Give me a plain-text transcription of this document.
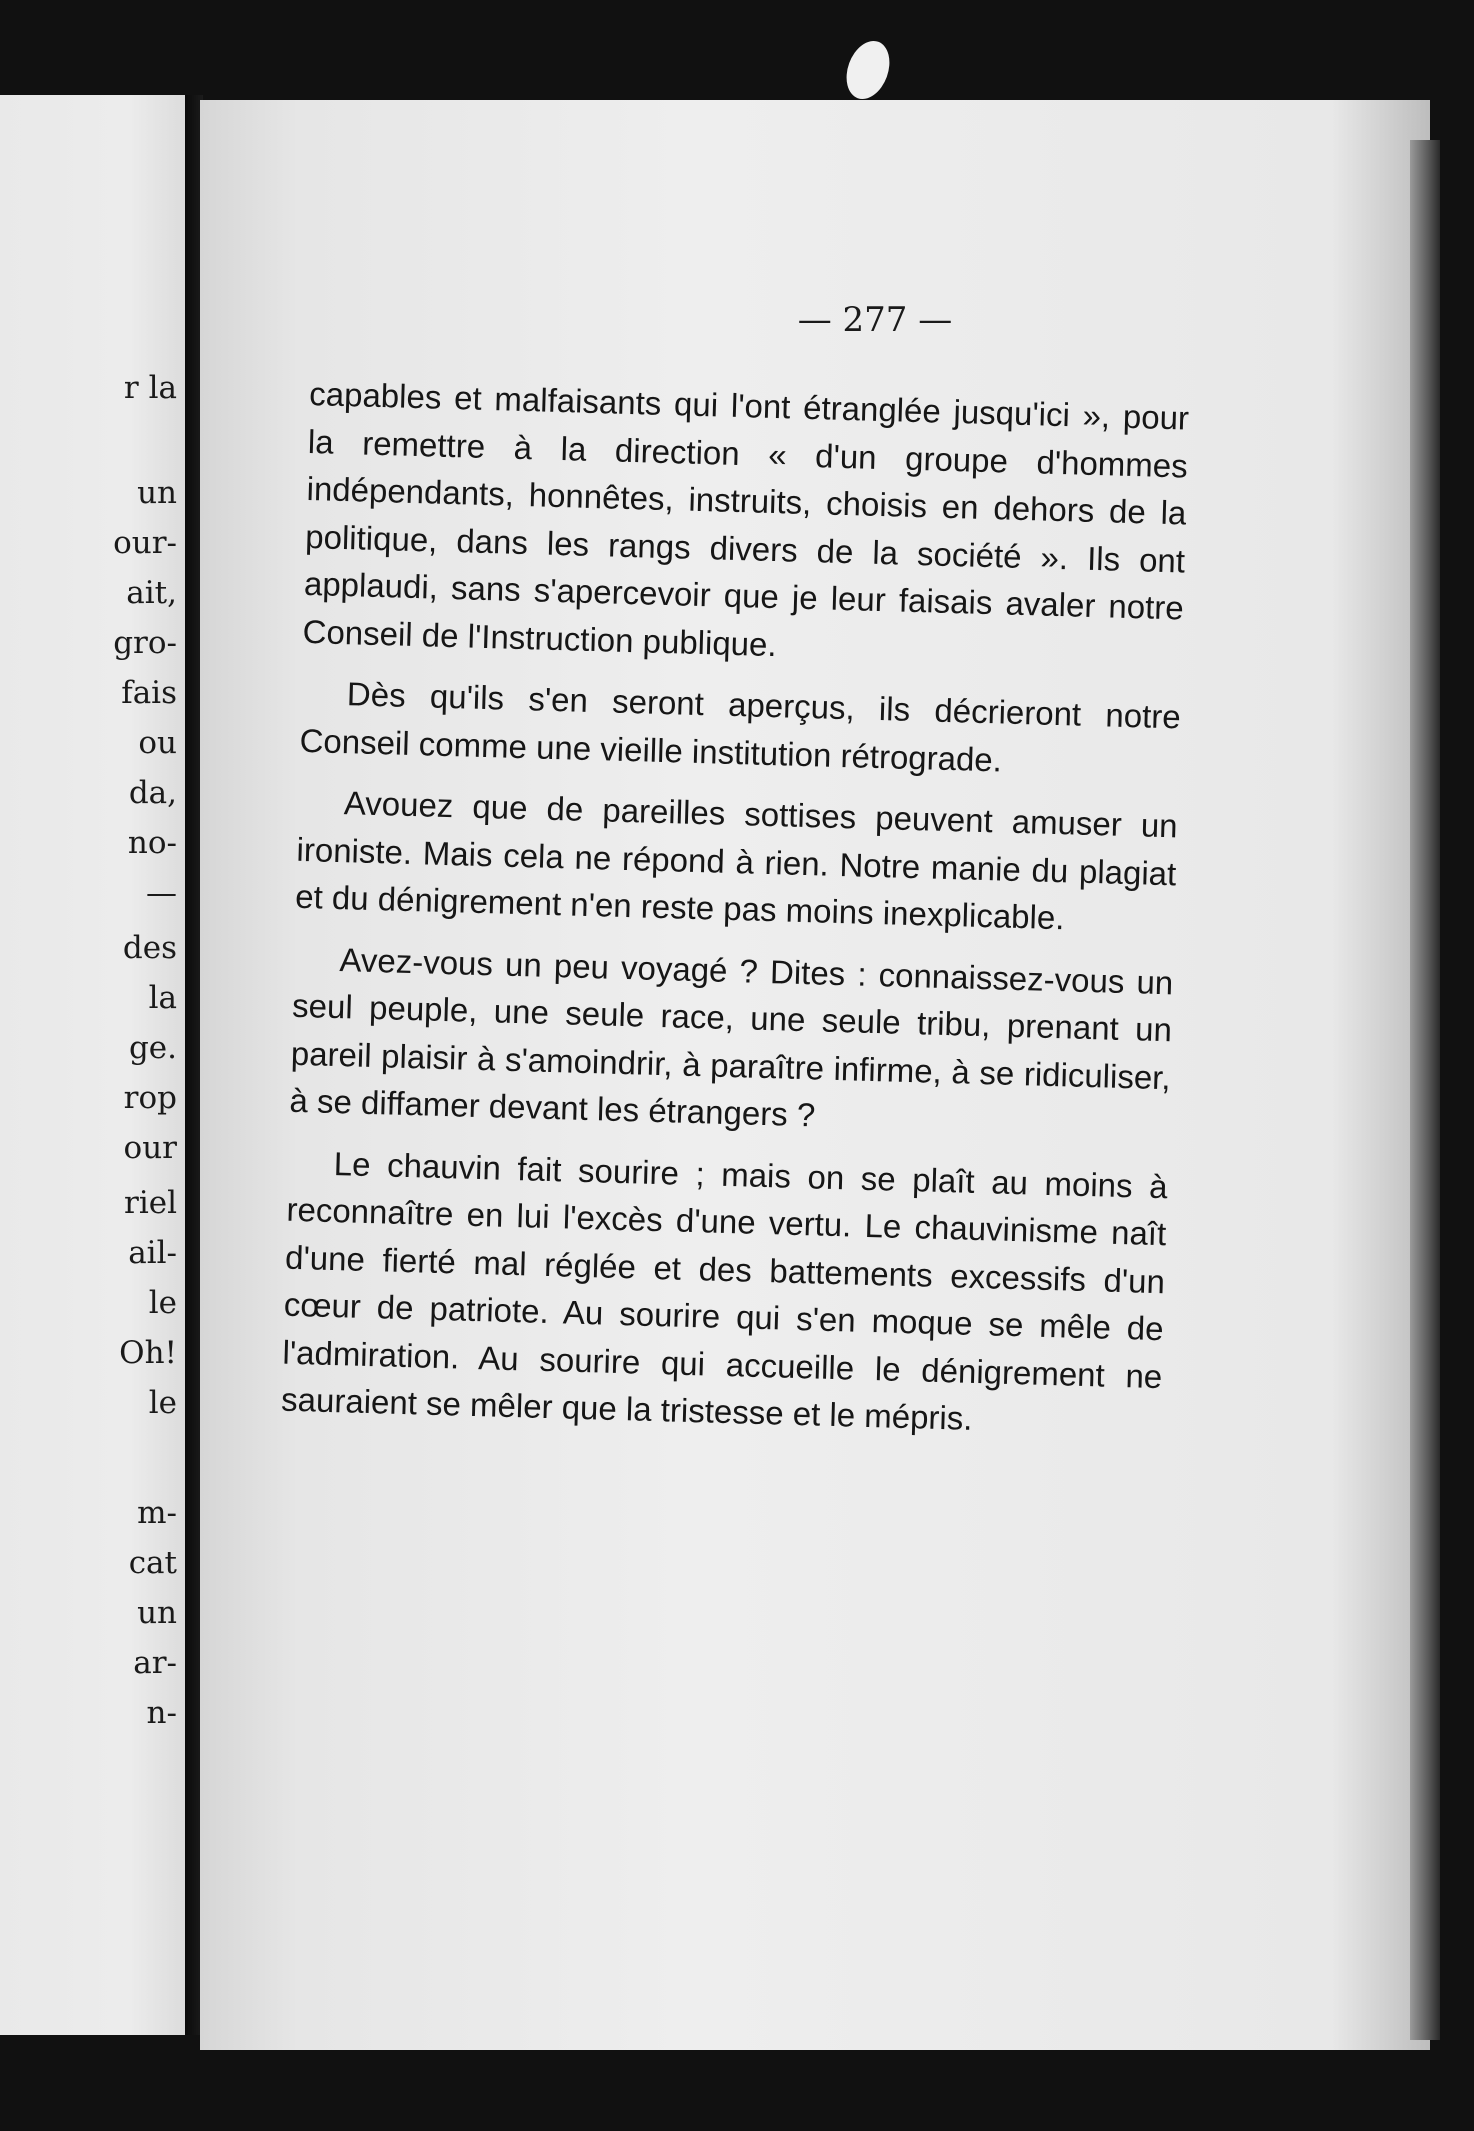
r la
un
our-
ait,
gro-
fais
ou
da,
no-
—
des
la
ge.
rop
our
riel
ail-
le
Oh!
le
m-
cat
un
ar-
n-
— 277 —

capables et malfaisants qui l'ont étranglée jusqu'ici », pour la remettre à la direction « d'un groupe d'hommes indépendants, honnêtes, instruits, choisis en dehors de la politique, dans les rangs divers de la société ». Ils ont applaudi, sans s'apercevoir que je leur faisais avaler notre Conseil de l'Instruction publique.

Dès qu'ils s'en seront aperçus, ils décrieront notre Conseil comme une vieille institution rétrograde.

Avouez que de pareilles sottises peuvent amuser un ironiste. Mais cela ne répond à rien. Notre manie du plagiat et du dénigrement n'en reste pas moins inexplicable.

Avez-vous un peu voyagé ? Dites : connaissez-vous un seul peuple, une seule race, une seule tribu, prenant un pareil plaisir à s'amoindrir, à paraître infirme, à se ridiculiser, à se diffamer devant les étrangers ?

Le chauvin fait sourire ; mais on se plaît au moins à reconnaître en lui l'excès d'une vertu. Le chauvinisme naît d'une fierté mal réglée et des battements excessifs d'un cœur de patriote. Au sourire qui s'en moque se mêle de l'admiration. Au sourire qui accueille le dénigrement ne sauraient se mêler que la tristesse et le mépris.
